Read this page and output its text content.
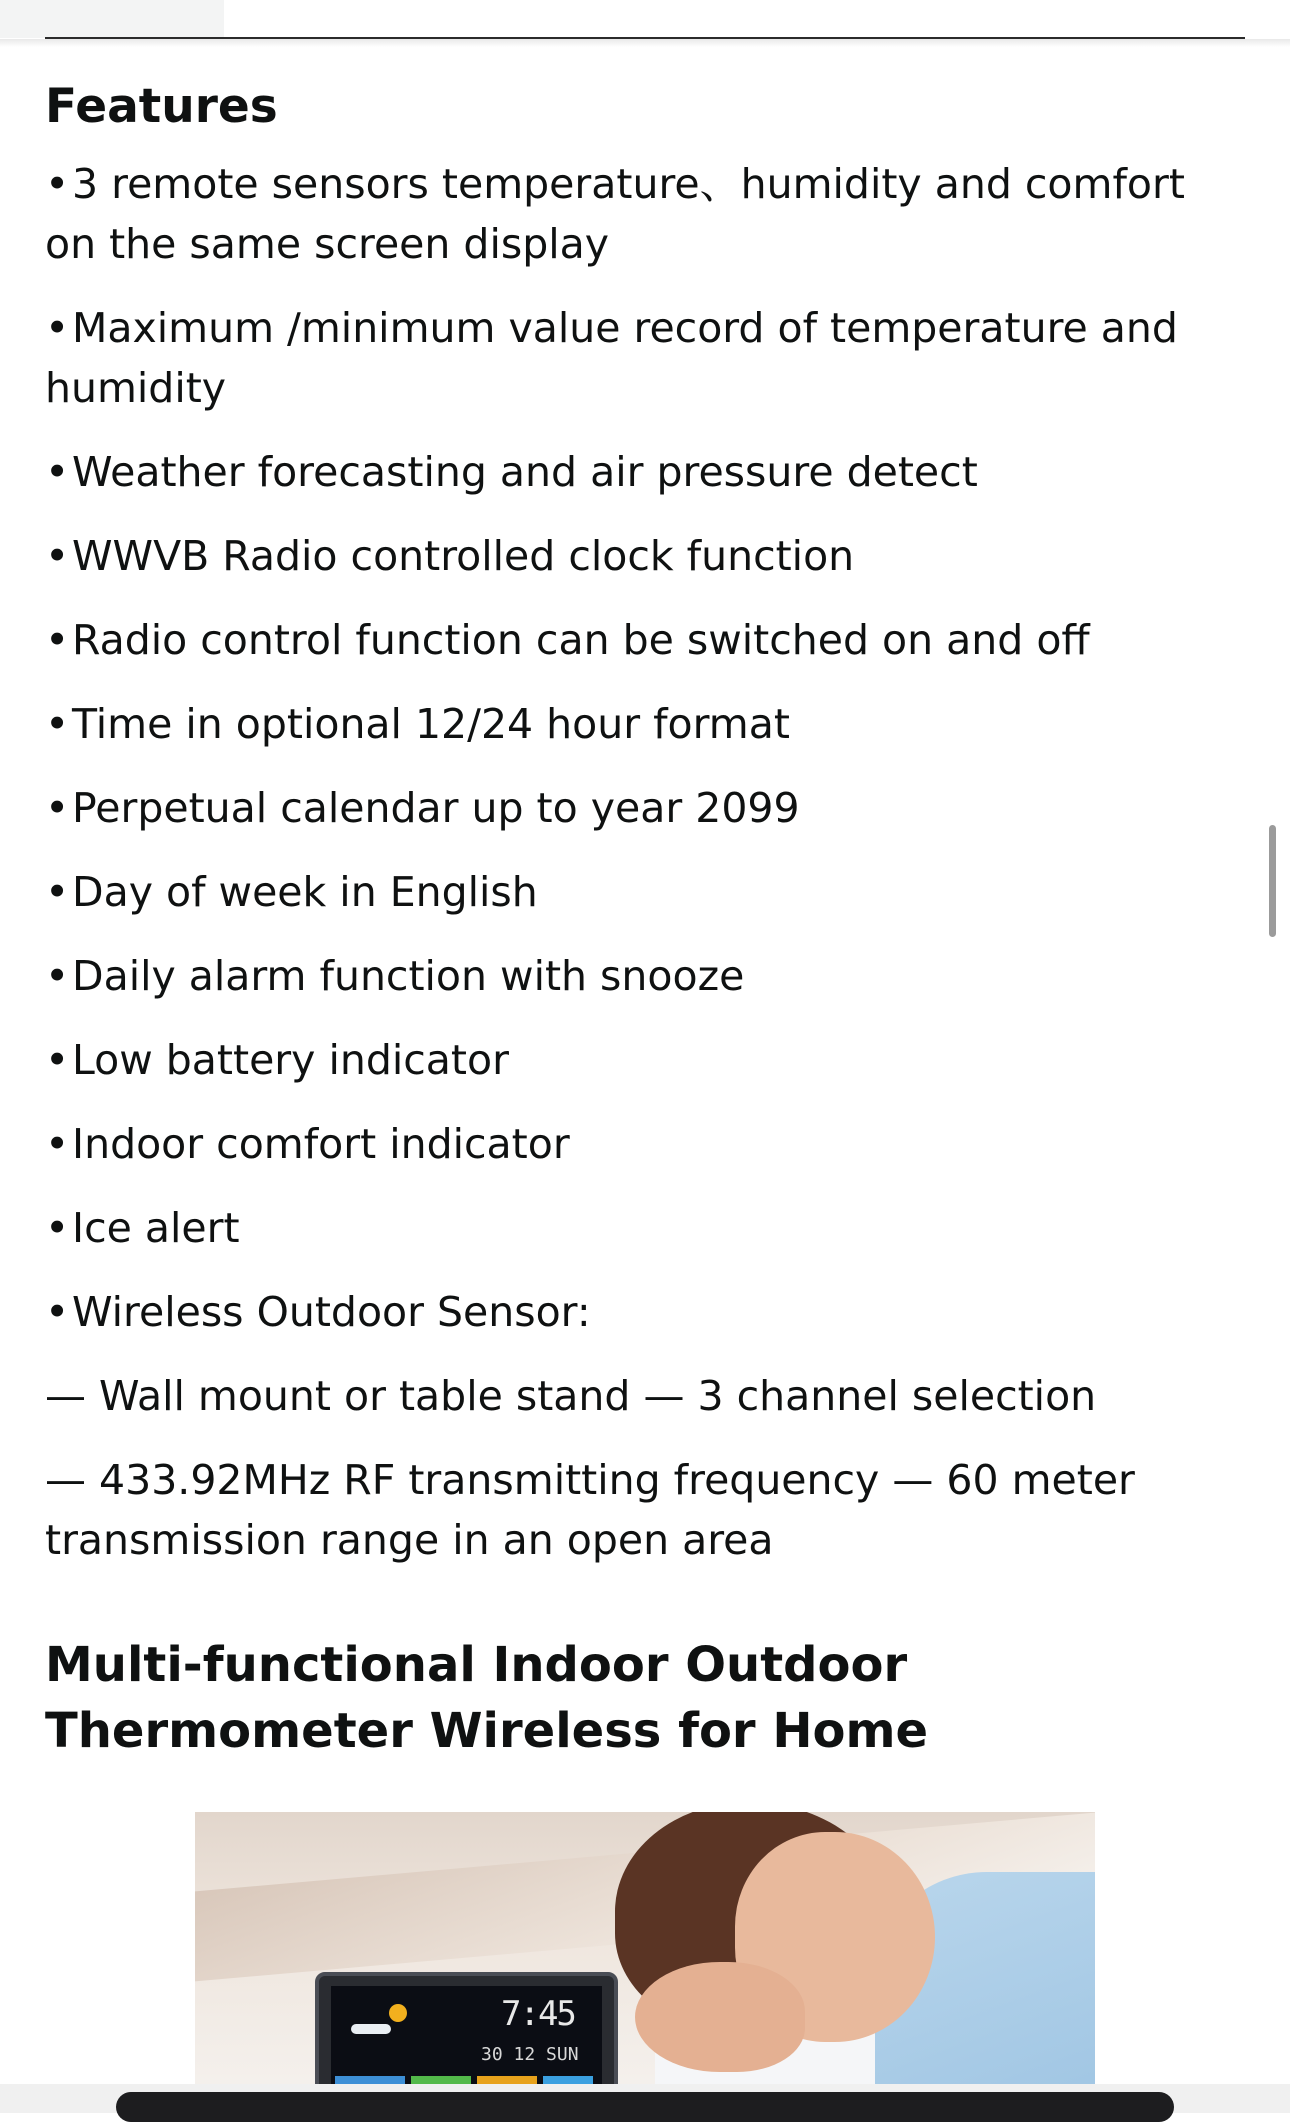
Features
•3 remote sensors temperature、humidity and comfort on the same screen display
•Maximum /minimum value record of temperature and humidity
•Weather forecasting and air pressure detect
•WWVB Radio controlled clock function
•Radio control function can be switched on and off
•Time in optional 12/24 hour format
•Perpetual calendar up to year 2099
•Day of week in English
•Daily alarm function with snooze
•Low battery indicator
•Indoor comfort indicator
•Ice alert
•Wireless Outdoor Sensor:
— Wall mount or table stand — 3 channel selection
— 433.92MHz RF transmitting frequency — 60 meter transmission range in an open area
Multi-functional Indoor Outdoor Thermometer Wireless for Home
7:45
30 12 SUN
